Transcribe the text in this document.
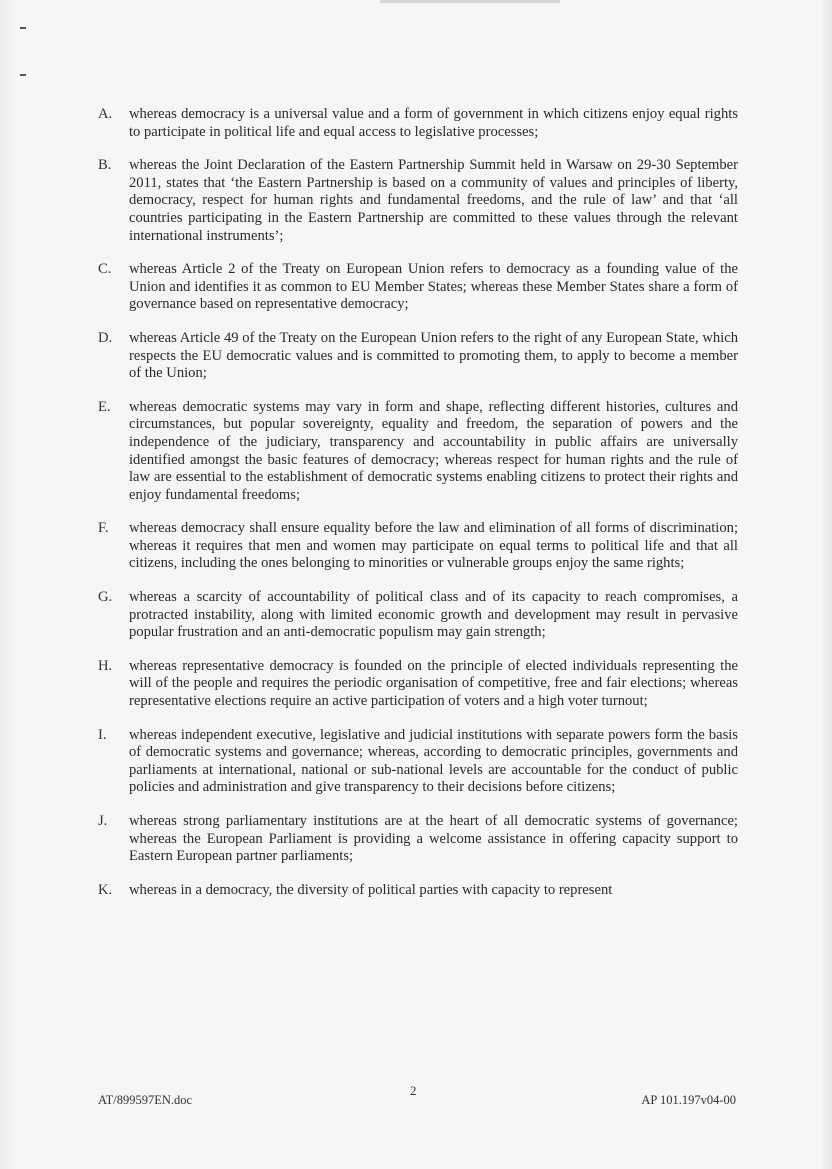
A.	whereas democracy is a universal value and a form of government in which citizens enjoy equal rights to participate in political life and equal access to legislative processes;
B.	whereas the Joint Declaration of the Eastern Partnership Summit held in Warsaw on 29-30 September 2011, states that ‘the Eastern Partnership is based on a community of values and principles of liberty, democracy, respect for human rights and fundamental freedoms, and the rule of law’ and that ‘all countries participating in the Eastern Partnership are committed to these values through the relevant international instruments’;
C.	whereas Article 2 of the Treaty on European Union refers to democracy as a founding value of the Union and identifies it as common to EU Member States; whereas these Member States share a form of governance based on representative democracy;
D.	whereas Article 49 of the Treaty on the European Union refers to the right of any European State, which respects the EU democratic values and is committed to promoting them, to apply to become a member of the Union;
E.	whereas democratic systems may vary in form and shape, reflecting different histories, cultures and circumstances, but popular sovereignty, equality and freedom, the separation of powers and the independence of the judiciary, transparency and accountability in public affairs are universally identified amongst the basic features of democracy; whereas respect for human rights and the rule of law are essential to the establishment of democratic systems enabling citizens to protect their rights and enjoy fundamental freedoms;
F.	whereas democracy shall ensure equality before the law and elimination of all forms of discrimination; whereas it requires that men and women may participate on equal terms to political life and that all citizens, including the ones belonging to minorities or vulnerable groups enjoy the same rights;
G.	whereas a scarcity of accountability of political class and of its capacity to reach compromises, a protracted instability, along with limited economic growth and development may result in pervasive popular frustration and an anti-democratic populism may gain strength;
H.	whereas representative democracy is founded on the principle of elected individuals representing the will of the people and requires the periodic organisation of competitive, free and fair elections; whereas representative elections require an active participation of voters and a high voter turnout;
I.	whereas independent executive, legislative and judicial institutions with separate powers form the basis of democratic systems and governance; whereas, according to democratic principles, governments and parliaments at international, national or sub-national levels are accountable for the conduct of public policies and administration and give transparency to their decisions before citizens;
J.	whereas strong parliamentary institutions are at the heart of all democratic systems of governance; whereas the European Parliament is providing a welcome assistance in offering capacity support to Eastern European partner parliaments;
K.	whereas in a democracy, the diversity of political parties with capacity to represent
2
AT/899597EN.doc	AP 101.197v04-00
